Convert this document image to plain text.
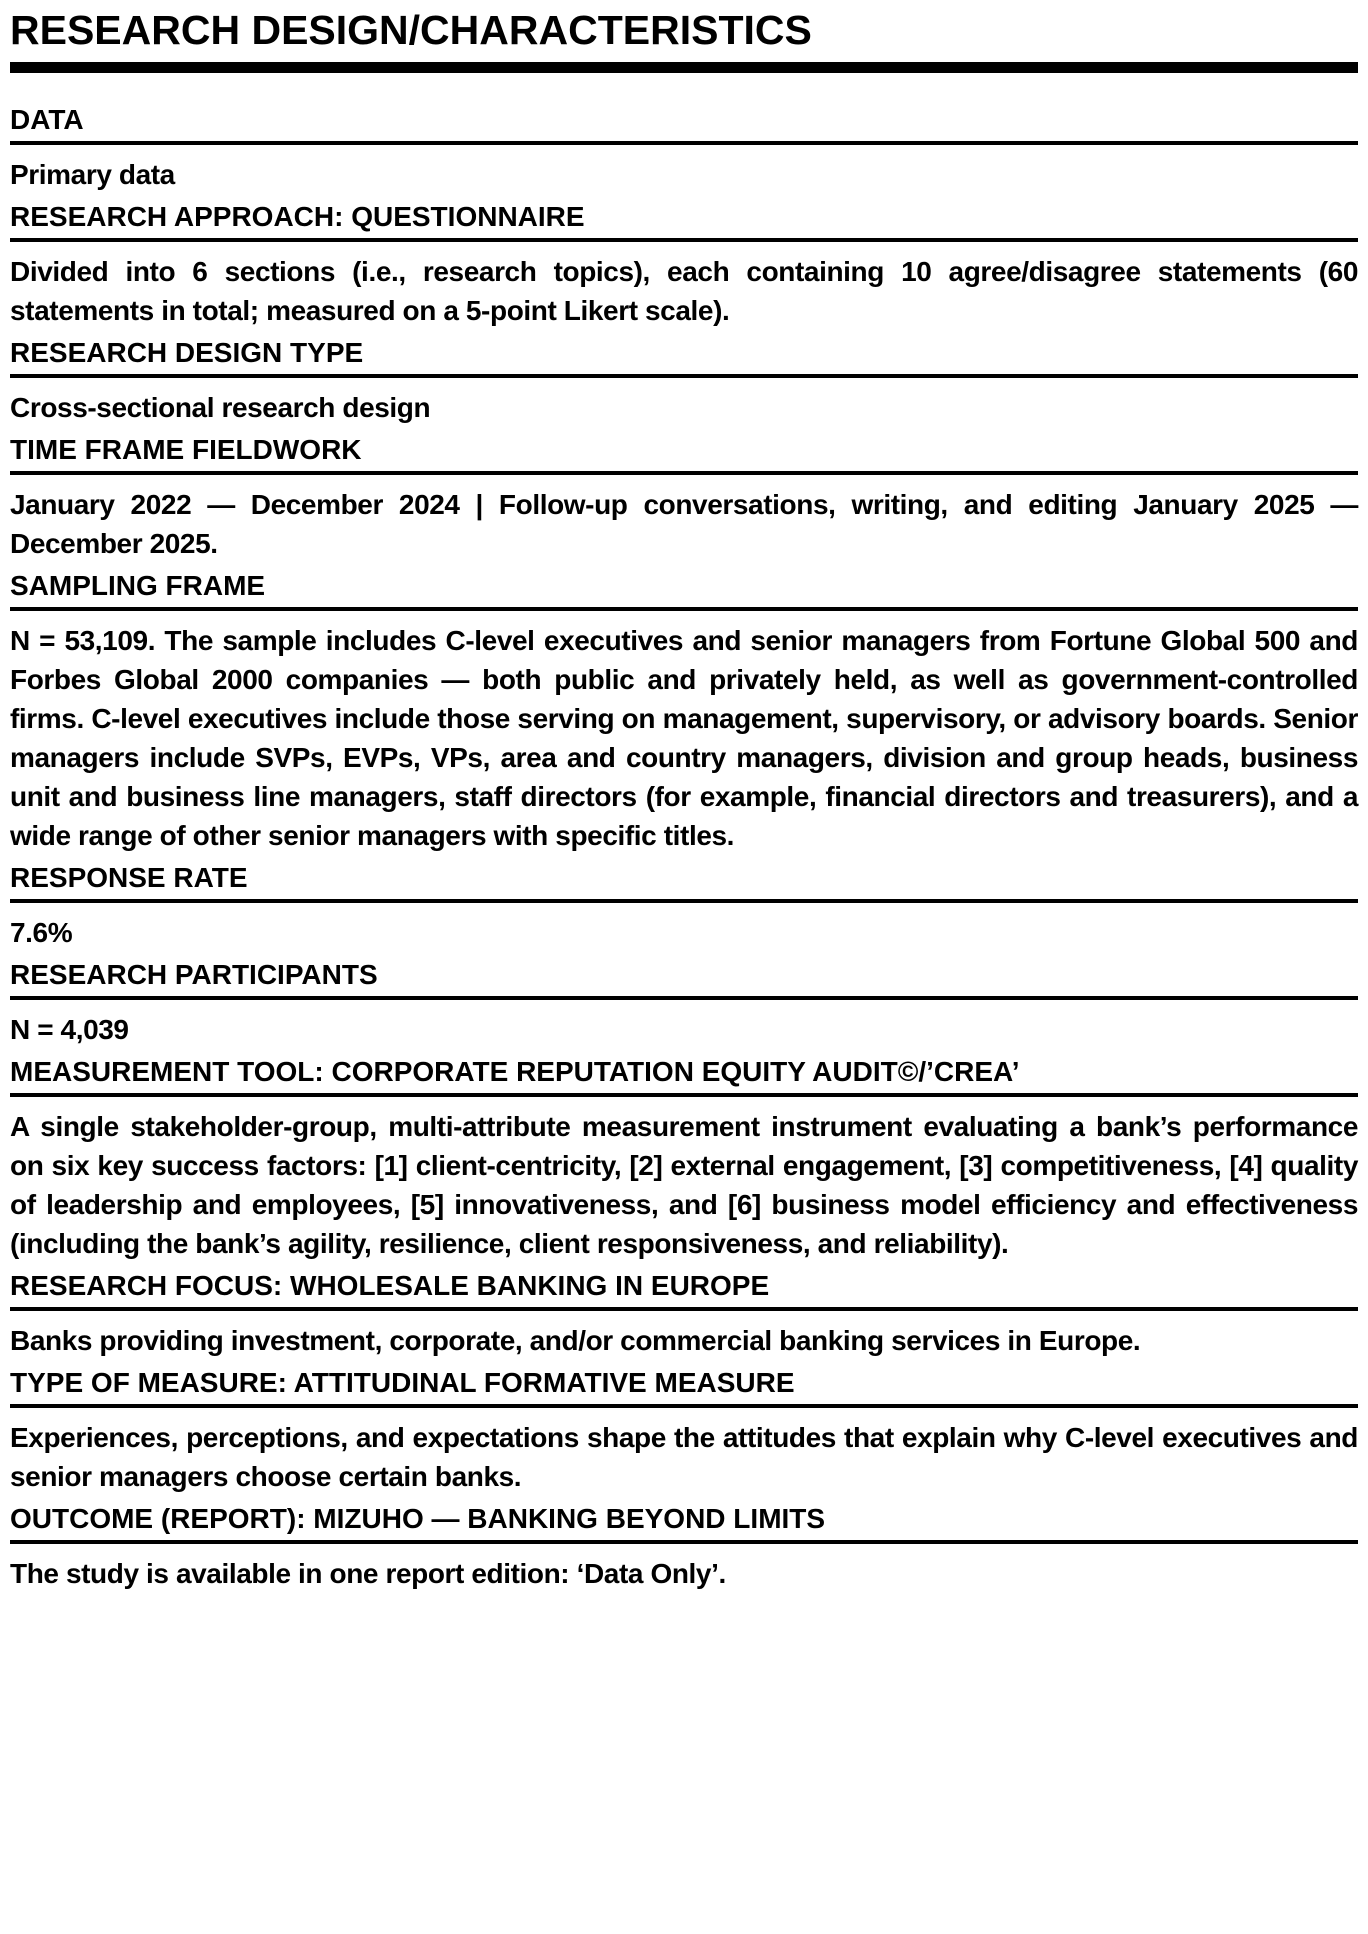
RESEARCH DESIGN/CHARACTERISTICS
DATA
Primary data
RESEARCH APPROACH: QUESTIONNAIRE
Divided into 6 sections (i.e., research topics), each containing 10 agree/disagree statements (60 statements in total; measured on a 5-point Likert scale).
RESEARCH DESIGN TYPE
Cross-sectional research design
TIME FRAME FIELDWORK
January 2022 — December 2024 | Follow-up conversations, writing, and editing January 2025 — December 2025.
SAMPLING FRAME
N = 53,109. The sample includes C-level executives and senior managers from Fortune Global 500 and Forbes Global 2000 companies — both public and privately held, as well as government-controlled firms. C-level executives include those serving on management, supervisory, or advisory boards. Senior managers include SVPs, EVPs, VPs, area and country managers, division and group heads, business unit and business line managers, staff directors (for example, financial directors and treasurers), and a wide range of other senior managers with specific titles.
RESPONSE RATE
7.6%
RESEARCH PARTICIPANTS
N = 4,039
MEASUREMENT TOOL: CORPORATE REPUTATION EQUITY AUDIT©/’CREA’
A single stakeholder-group, multi-attribute measurement instrument evaluating a bank’s performance on six key success factors: [1] client-centricity, [2] external engagement, [3] competitiveness, [4] quality of leadership and employees, [5] innovativeness, and [6] business model efficiency and effectiveness (including the bank’s agility, resilience, client responsiveness, and reliability).
RESEARCH FOCUS: WHOLESALE BANKING IN EUROPE
Banks providing investment, corporate, and/or commercial banking services in Europe.
TYPE OF MEASURE: ATTITUDINAL FORMATIVE MEASURE
Experiences, perceptions, and expectations shape the attitudes that explain why C-level executives and senior managers choose certain banks.
OUTCOME (REPORT): MIZUHO — BANKING BEYOND LIMITS
The study is available in one report edition: ‘Data Only’.
